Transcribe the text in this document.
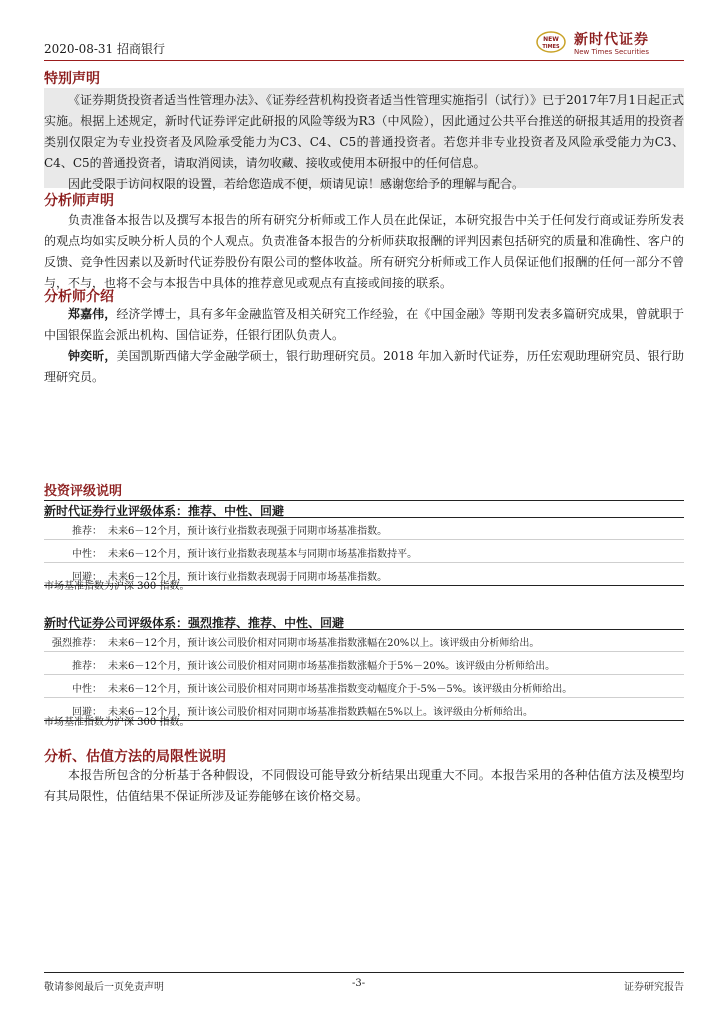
2020-08-31 招商银行
NEW
TIMES 新时代证券
New Times Securities
特别声明

《证券期货投资者适当性管理办法》、《证券经营机构投资者适当性管理实施指引（试行）》已于2017年7月1日起正式实施。根据上述规定，新时代证券评定此研报的风险等级为R3（中风险），因此通过公共平台推送的研报其适用的投资者类别仅限定为专业投资者及风险承受能力为C3、C4、C5的普通投资者。若您并非专业投资者及风险承受能力为C3、C4、C5的普通投资者，请取消阅读，请勿收藏、接收或使用本研报中的任何信息。

因此受限于访问权限的设置，若给您造成不便，烦请见谅！感谢您给予的理解与配合。

分析师声明

负责准备本报告以及撰写本报告的所有研究分析师或工作人员在此保证，本研究报告中关于任何发行商或证券所发表的观点均如实反映分析人员的个人观点。负责准备本报告的分析师获取报酬的评判因素包括研究的质量和准确性、客户的反馈、竞争性因素以及新时代证券股份有限公司的整体收益。所有研究分析师或工作人员保证他们报酬的任何一部分不曾与，不与，也将不会与本报告中具体的推荐意见或观点有直接或间接的联系。

分析师介绍

郑嘉伟，经济学博士，具有多年金融监管及相关研究工作经验，在《中国金融》等期刊发表多篇研究成果，曾就职于中国银保监会派出机构、国信证券，任银行团队负责人。

钟奕昕，美国凯斯西储大学金融学硕士，银行助理研究员。2018 年加入新时代证券，历任宏观助理研究员、银行助理研究员。

投资评级说明
新时代证券行业评级体系：推荐、中性、回避
推荐： 未来6－12个月，预计该行业指数表现强于同期市场基准指数。
中性： 未来6－12个月，预计该行业指数表现基本与同期市场基准指数持平。
回避： 未来6－12个月，预计该行业指数表现弱于同期市场基准指数。
市场基准指数为沪深 300 指数。
新时代证券公司评级体系：强烈推荐、推荐、中性、回避
强烈推荐： 未来6－12个月，预计该公司股价相对同期市场基准指数涨幅在20%以上。该评级由分析师给出。
推荐： 未来6－12个月，预计该公司股价相对同期市场基准指数涨幅介于5%－20%。该评级由分析师给出。
中性： 未来6－12个月，预计该公司股价相对同期市场基准指数变动幅度介于-5%－5%。该评级由分析师给出。
回避： 未来6－12个月，预计该公司股价相对同期市场基准指数跌幅在5%以上。该评级由分析师给出。
市场基准指数为沪深 300 指数。
分析、估值方法的局限性说明

本报告所包含的分析基于各种假设，不同假设可能导致分析结果出现重大不同。本报告采用的各种估值方法及模型均有其局限性，估值结果不保证所涉及证券能够在该价格交易。

敬请参阅最后一页免责声明	-3-	证券研究报告
